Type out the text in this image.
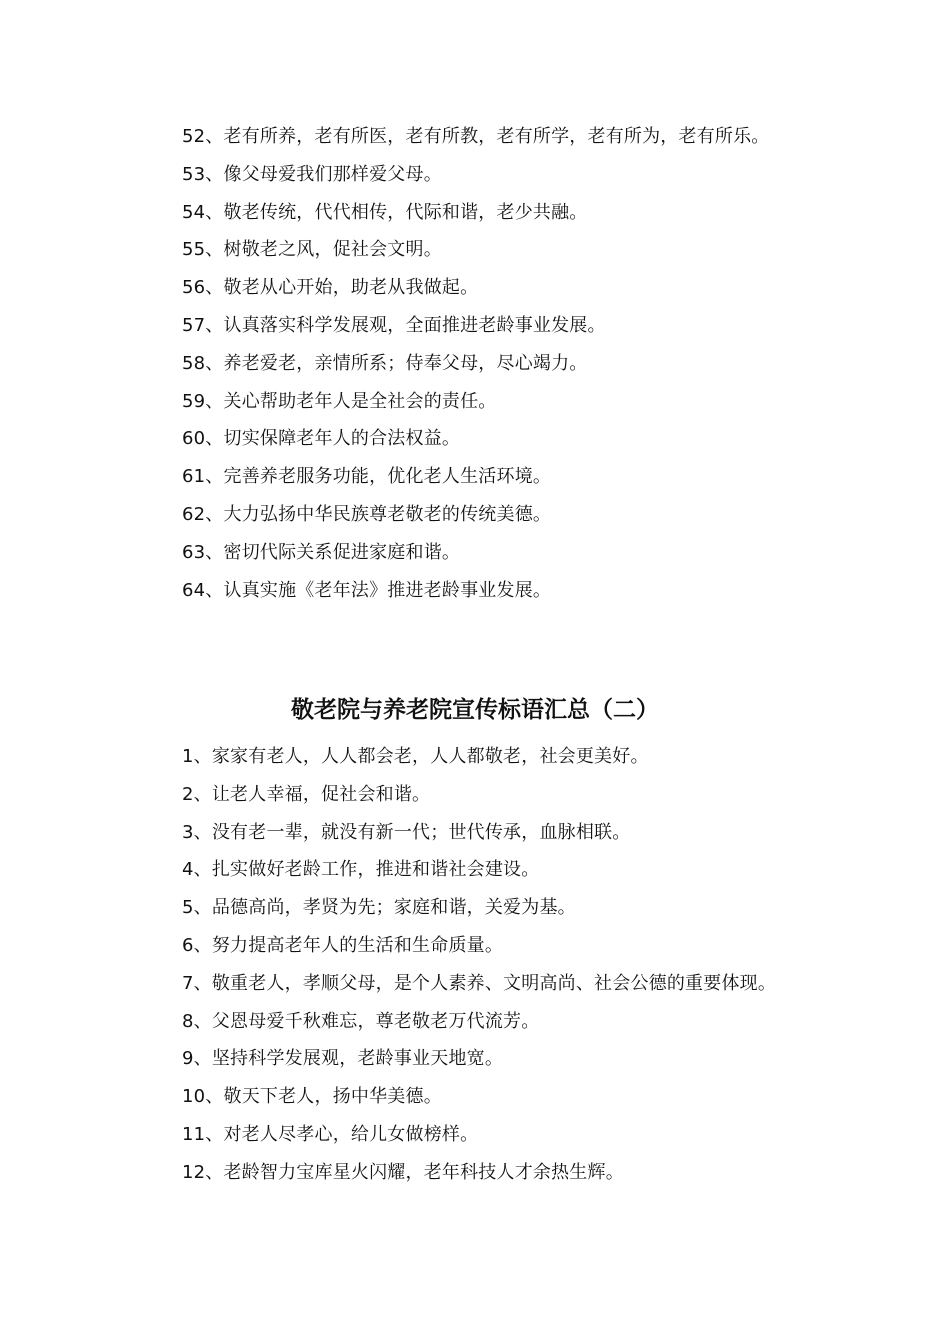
52、老有所养，老有所医，老有所教，老有所学，老有所为，老有所乐。
53、像父母爱我们那样爱父母。
54、敬老传统，代代相传，代际和谐，老少共融。
55、树敬老之风，促社会文明。
56、敬老从心开始，助老从我做起。
57、认真落实科学发展观，全面推进老龄事业发展。
58、养老爱老，亲情所系；侍奉父母，尽心竭力。
59、关心帮助老年人是全社会的责任。
60、切实保障老年人的合法权益。
61、完善养老服务功能，优化老人生活环境。
62、大力弘扬中华民族尊老敬老的传统美德。
63、密切代际关系促进家庭和谐。
64、认真实施《老年法》推进老龄事业发展。
敬老院与养老院宣传标语汇总（二）
1、家家有老人，人人都会老，人人都敬老，社会更美好。
2、让老人幸福，促社会和谐。
3、没有老一辈，就没有新一代；世代传承，血脉相联。
4、扎实做好老龄工作，推进和谐社会建设。
5、品德高尚，孝贤为先；家庭和谐，关爱为基。
6、努力提高老年人的生活和生命质量。
7、敬重老人，孝顺父母，是个人素养、文明高尚、社会公德的重要体现。
8、父恩母爱千秋难忘，尊老敬老万代流芳。
9、坚持科学发展观，老龄事业天地宽。
10、敬天下老人，扬中华美德。
11、对老人尽孝心，给儿女做榜样。
12、老龄智力宝库星火闪耀，老年科技人才余热生辉。
